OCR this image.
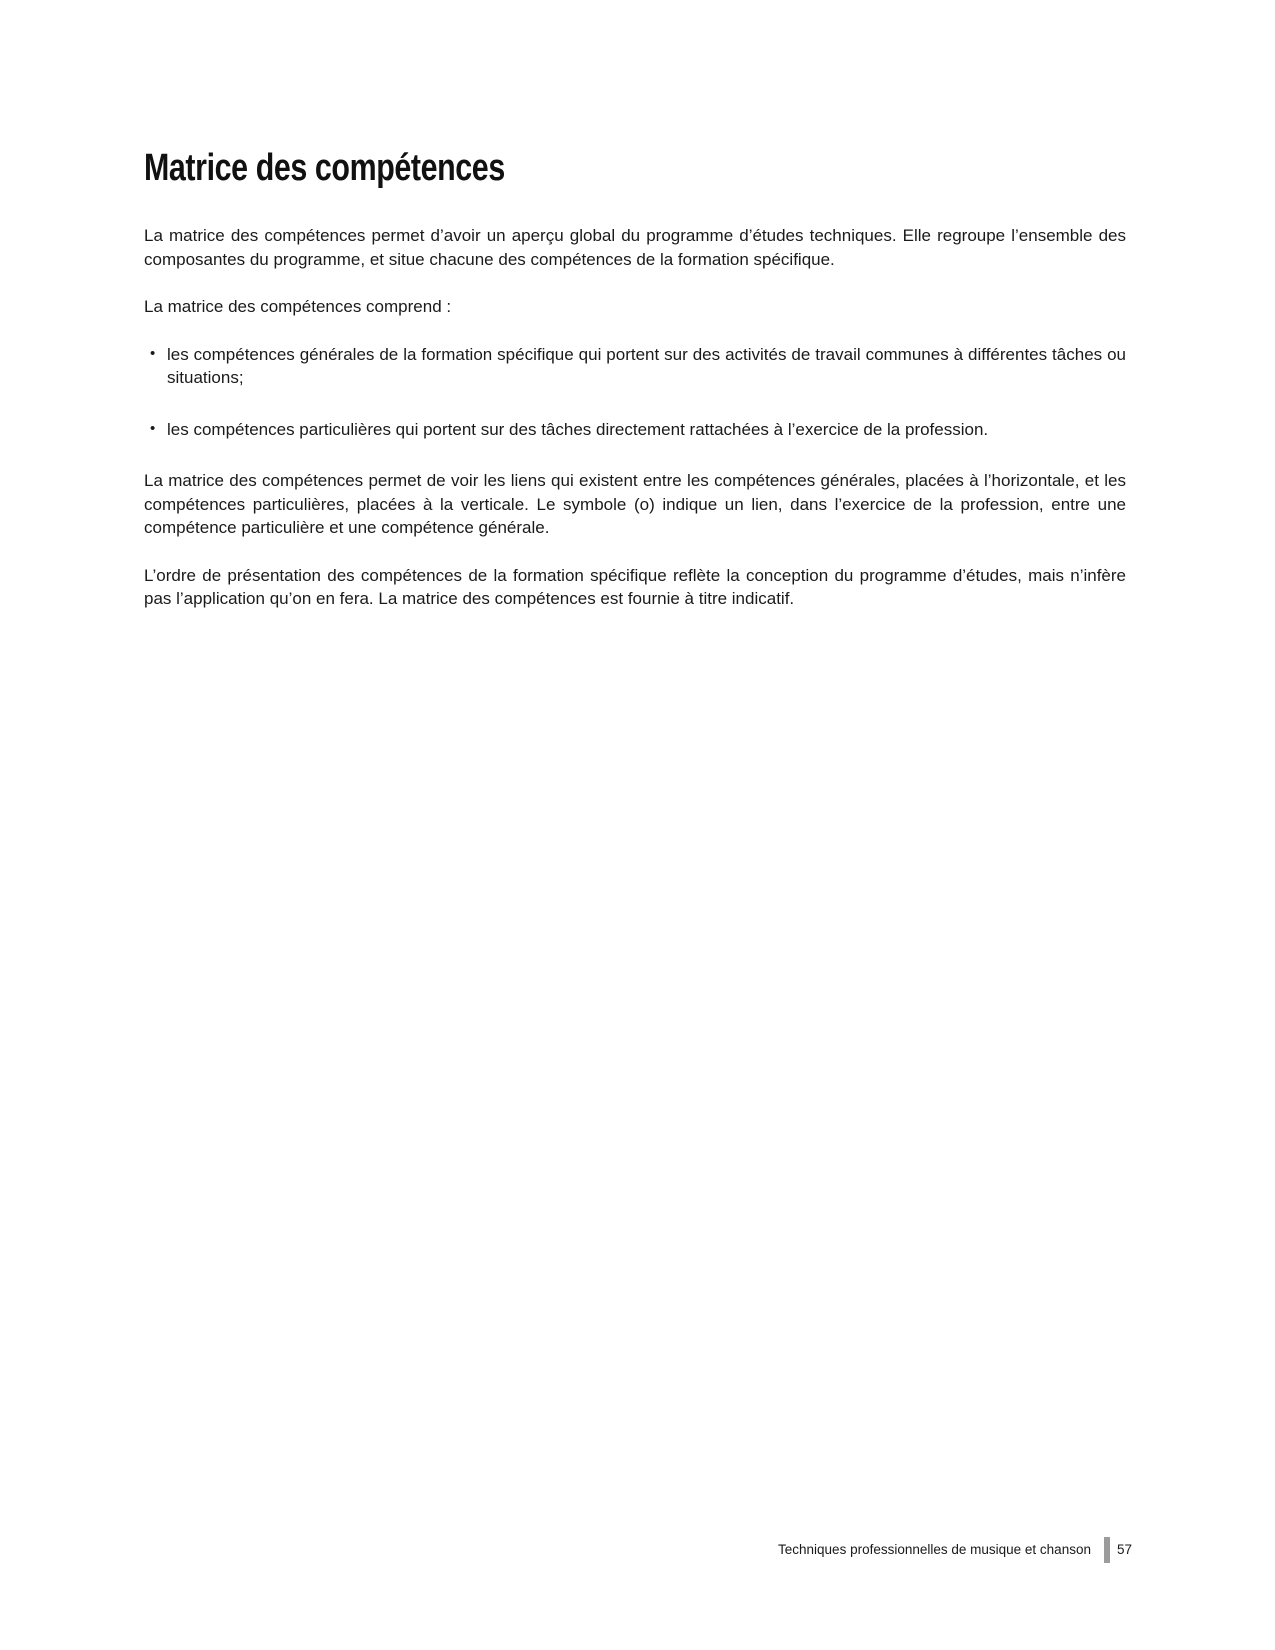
Matrice des compétences

La matrice des compétences permet d’avoir un aperçu global du programme d’études techniques. Elle regroupe l’ensemble des composantes du programme, et situe chacune des compétences de la formation spécifique.

La matrice des compétences comprend :

• les compétences générales de la formation spécifique qui portent sur des activités de travail communes à différentes tâches ou situations;
• les compétences particulières qui portent sur des tâches directement rattachées à l’exercice de la profession.

La matrice des compétences permet de voir les liens qui existent entre les compétences générales, placées à l’horizontale, et les compétences particulières, placées à la verticale. Le symbole (o) indique un lien, dans l’exercice de la profession, entre une compétence particulière et une compétence générale.

L’ordre de présentation des compétences de la formation spécifique reflète la conception du programme d’études, mais n’infère pas l’application qu’on en fera. La matrice des compétences est fournie à titre indicatif.

Techniques professionnelles de musique et chanson 57
